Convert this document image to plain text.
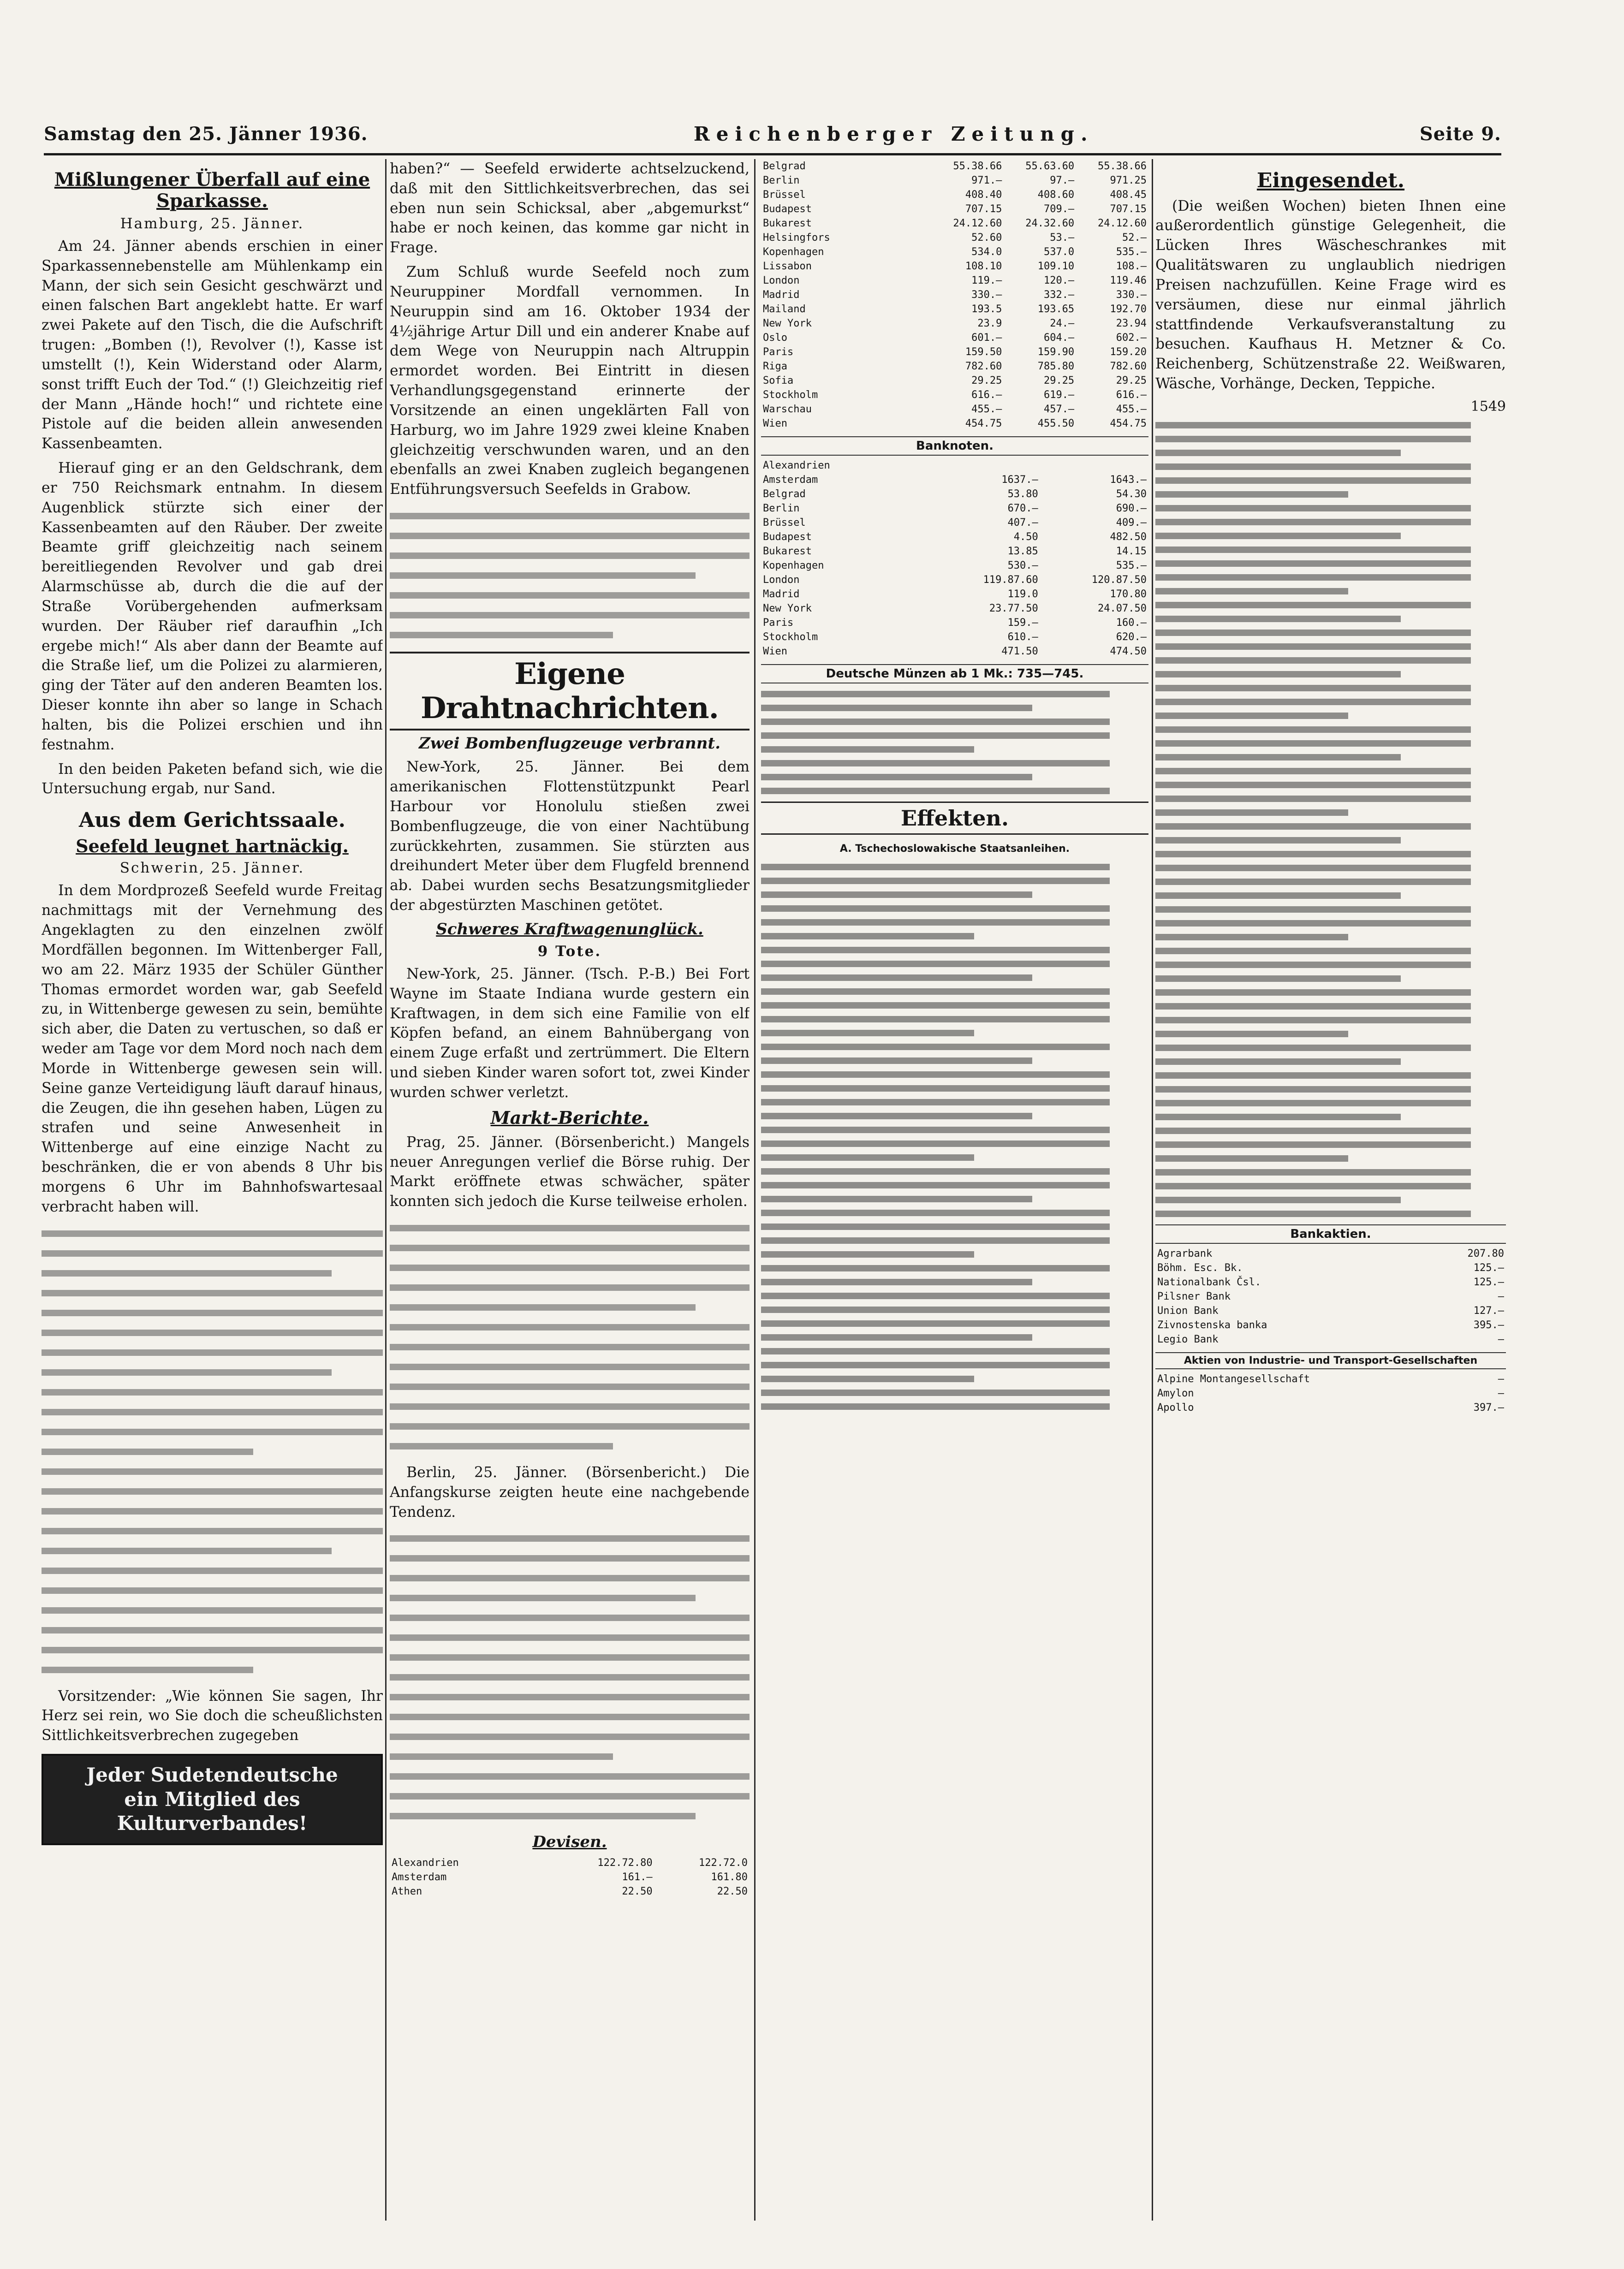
Samstag den 25. Jänner 1936.	Reichenberger Zeitung.	Seite 9.
Mißlungener Überfall auf eine Sparkasse.
Hamburg, 25. Jänner.

Am 24. Jänner abends erschien in einer Sparkassennebenstelle am Mühlenkamp ein Mann, der sich sein Gesicht geschwärzt und einen falschen Bart angeklebt hatte. Er warf zwei Pakete auf den Tisch, die die Aufschrift trugen: „Bomben (!), Revolver (!), Kasse ist umstellt (!), Kein Widerstand oder Alarm, sonst trifft Euch der Tod.“ (!) Gleichzeitig rief der Mann „Hände hoch!“ und richtete eine Pistole auf die beiden allein anwesenden Kassenbeamten.

Hierauf ging er an den Geldschrank, dem er 750 Reichsmark entnahm. In diesem Augenblick stürzte sich einer der Kassenbeamten auf den Räuber. Der zweite Beamte griff gleichzeitig nach seinem bereitliegenden Revolver und gab drei Alarmschüsse ab, durch die die auf der Straße Vorübergehenden aufmerksam wurden. Der Räuber rief daraufhin „Ich ergebe mich!“ Als aber dann der Beamte auf die Straße lief, um die Polizei zu alarmieren, ging der Täter auf den anderen Beamten los. Dieser konnte ihn aber so lange in Schach halten, bis die Polizei erschien und ihn festnahm.

In den beiden Paketen befand sich, wie die Untersuchung ergab, nur Sand.

Aus dem Gerichtssaale.
Seefeld leugnet hartnäckig.
Schwerin, 25. Jänner.

In dem Mordprozeß Seefeld wurde Freitag nachmittags mit der Vernehmung des Angeklagten zu den einzelnen zwölf Mordfällen begonnen. Im Wittenberger Fall, wo am 22. März 1935 der Schüler Günther Thomas ermordet worden war, gab Seefeld zu, in Wittenberge gewesen zu sein, bemühte sich aber, die Daten zu vertuschen, so daß er weder am Tage vor dem Mord noch nach dem Morde in Wittenberge gewesen sein will. Seine ganze Verteidigung läuft darauf hinaus, die Zeugen, die ihn gesehen haben, Lügen zu strafen und seine Anwesenheit in Wittenberge auf eine einzige Nacht zu beschränken, die er von abends 8 Uhr bis morgens 6 Uhr im Bahnhofswartesaal verbracht haben will.

Vorsitzender: „Wie können Sie sagen, Ihr Herz sei rein, wo Sie doch die scheußlichsten Sittlichkeitsverbrechen zugegeben

Jeder Sudetendeutsche
ein Mitglied des Kulturverbandes!

haben?“ — Seefeld erwiderte achtselzuckend, daß mit den Sittlichkeitsverbrechen, das sei eben nun sein Schicksal, aber „abgemurkst“ habe er noch keinen, das komme gar nicht in Frage.

Zum Schluß wurde Seefeld noch zum Neuruppiner Mordfall vernommen. In Neuruppin sind am 16. Oktober 1934 der 4½jährige Artur Dill und ein anderer Knabe auf dem Wege von Neuruppin nach Altruppin ermordet worden. Bei Eintritt in diesen Verhandlungsgegenstand erinnerte der Vorsitzende an einen ungeklärten Fall von Harburg, wo im Jahre 1929 zwei kleine Knaben gleichzeitig verschwunden waren, und an den ebenfalls an zwei Knaben zugleich begangenen Entführungsversuch Seefelds in Grabow.

Eigene Drahtnachrichten.
Zwei Bombenflugzeuge verbrannt.

New-York, 25. Jänner. Bei dem amerikanischen Flottenstützpunkt Pearl Harbour vor Honolulu stießen zwei Bombenflugzeuge, die von einer Nachtübung zurückkehrten, zusammen. Sie stürzten aus dreihundert Meter über dem Flugfeld brennend ab. Dabei wurden sechs Besatzungsmitglieder der abgestürzten Maschinen getötet.

Schweres Kraftwagenunglück.
9 Tote.

New-York, 25. Jänner. (Tsch. P.-B.) Bei Fort Wayne im Staate Indiana wurde gestern ein Kraftwagen, in dem sich eine Familie von elf Köpfen befand, an einem Bahnübergang von einem Zuge erfaßt und zertrümmert. Die Eltern und sieben Kinder waren sofort tot, zwei Kinder wurden schwer verletzt.

Markt-Berichte.

Prag, 25. Jänner. (Börsenbericht.) Mangels neuer Anregungen verlief die Börse ruhig. Der Markt eröffnete etwas schwächer, später konnten sich jedoch die Kurse teilweise erholen.

Berlin, 25. Jänner. (Börsenbericht.) Die Anfangskurse zeigten heute eine nachgebende Tendenz.

Devisen.
Alexandrien	122.72.80	122.72.0
Amsterdam	161.—	161.80
Athen	22.50	22.50
Belgrad	55.38.66	55.63.60	55.38.66
Berlin	971.—	97.—	971.25
Brüssel	408.40	408.60	408.45
Budapest	707.15	709.—	707.15
Bukarest	24.12.60	24.32.60	24.12.60
Helsingfors	52.60	53.—	52.—
Kopenhagen	534.0	537.0	535.—
Lissabon	108.10	109.10	108.—
London	119.—	120.—	119.46
Madrid	330.—	332.—	330.—
Mailand	193.5	193.65	192.70
New York	23.9	24.—	23.94
Oslo	601.—	604.—	602.—
Paris	159.50	159.90	159.20
Riga	782.60	785.80	782.60
Sofia	29.25	29.25	29.25
Stockholm	616.—	619.—	616.—
Warschau	455.—	457.—	455.—
Wien	454.75	455.50	454.75
Banknoten.
Alexandrien		
Amsterdam	1637.—	1643.—
Belgrad	53.80	54.30
Berlin	670.—	690.—
Brüssel	407.—	409.—
Budapest	4.50	482.50
Bukarest	13.85	14.15
Kopenhagen	530.—	535.—
London	119.87.60	120.87.50
Madrid	119.0	170.80
New York	23.77.50	24.07.50
Paris	159.—	160.—
Stockholm	610.—	620.—
Wien	471.50	474.50
Deutsche Münzen ab 1 Mk.: 735—745.
Effekten.
A. Tschechoslowakische Staatsanleihen.
Eingesendet.

(Die weißen Wochen) bieten Ihnen eine außerordentlich günstige Gelegenheit, die Lücken Ihres Wäscheschrankes mit Qualitätswaren zu unglaublich niedrigen Preisen nachzufüllen. Keine Frage wird es versäumen, diese nur einmal jährlich stattfindende Verkaufsveranstaltung zu besuchen. Kaufhaus H. Metzner & Co. Reichenberg, Schützenstraße 22. Weißwaren, Wäsche, Vorhänge, Decken, Teppiche.

1549
Bankaktien.
Agrarbank	207.80
Böhm. Esc. Bk.	125.—
Nationalbank Čsl.	125.—
Pilsner Bank	—
Union Bank	127.—
Zivnostenska banka	395.—
Legio Bank	—
Aktien von Industrie- und Transport-Gesellschaften
Alpine Montangesellschaft	—
Amylon	—
Apollo	397.—
